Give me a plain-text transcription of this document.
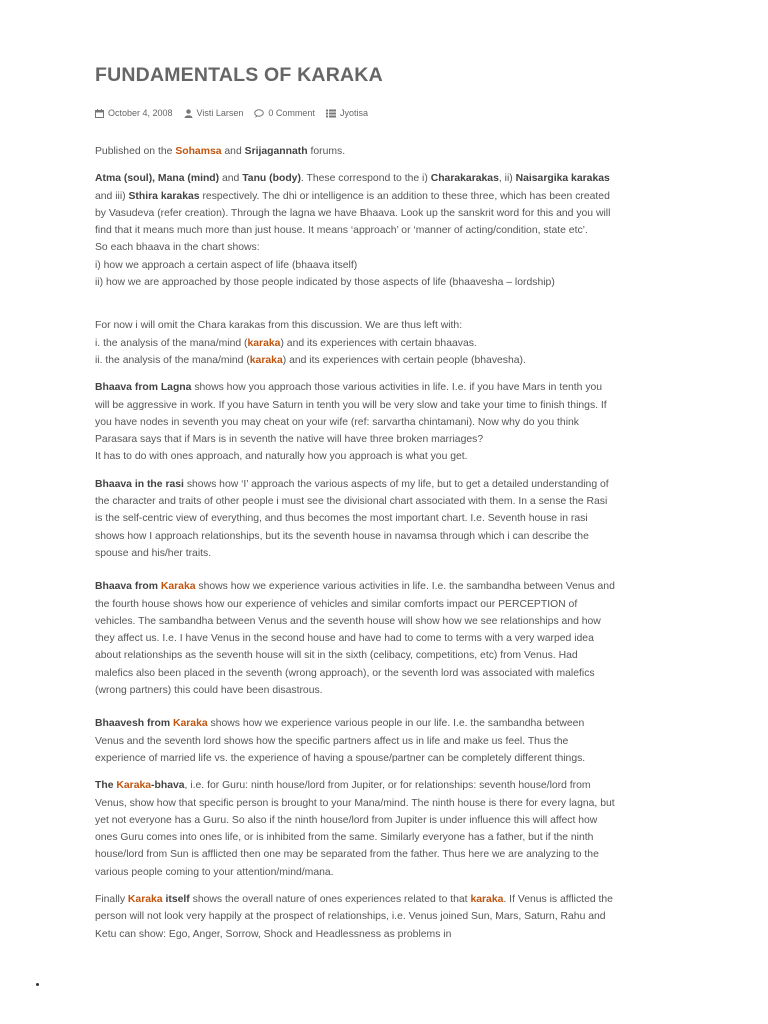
FUNDAMENTALS OF KARAKA
October 4, 2008	Visti Larsen	0 Comment	Jyotisa

Published on the Sohamsa and Srijagannath forums.

Atma (soul), Mana (mind) and Tanu (body). These correspond to the i) Charakarakas, ii) Naisargika karakas and iii) Sthira karakas respectively. The dhi or intelligence is an addition to these three, which has been created by Vasudeva (refer creation). Through the lagna we have Bhaava. Look up the sanskrit word for this and you will find that it means much more than just house. It means ‘approach’ or ‘manner of acting/condition, state etc’.
So each bhaava in the chart shows:
i) how we approach a certain aspect of life (bhaava itself)
ii) how we are approached by those people indicated by those aspects of life (bhaavesha – lordship)

For now i will omit the Chara karakas from this discussion. We are thus left with:
i. the analysis of the mana/mind (karaka) and its experiences with certain bhaavas.
ii. the analysis of the mana/mind (karaka) and its experiences with certain people (bhavesha).

Bhaava from Lagna shows how you approach those various activities in life. I.e. if you have Mars in tenth you will be aggressive in work. If you have Saturn in tenth you will be very slow and take your time to finish things. If you have nodes in seventh you may cheat on your wife (ref: sarvartha chintamani). Now why do you think Parasara says that if Mars is in seventh the native will have three broken marriages?
It has to do with ones approach, and naturally how you approach is what you get.

Bhaava in the rasi shows how ‘I’ approach the various aspects of my life, but to get a detailed understanding of the character and traits of other people i must see the divisional chart associated with them. In a sense the Rasi is the self-centric view of everything, and thus becomes the most important chart. I.e. Seventh house in rasi shows how I approach relationships, but its the seventh house in navamsa through which i can describe the spouse and his/her traits.

Bhaava from Karaka shows how we experience various activities in life. I.e. the sambandha between Venus and the fourth house shows how our experience of vehicles and similar comforts impact our PERCEPTION of vehicles. The sambandha between Venus and the seventh house will show how we see relationships and how they affect us. I.e. I have Venus in the second house and have had to come to terms with a very warped idea about relationships as the seventh house will sit in the sixth (celibacy, competitions, etc) from Venus. Had malefics also been placed in the seventh (wrong approach), or the seventh lord was associated with malefics (wrong partners) this could have been disastrous.

Bhaavesh from Karaka shows how we experience various people in our life. I.e. the sambandha between Venus and the seventh lord shows how the specific partners affect us in life and make us feel. Thus the experience of married life vs. the experience of having a spouse/partner can be completely different things.

The Karaka-bhava, i.e. for Guru: ninth house/lord from Jupiter, or for relationships: seventh house/lord from Venus, show how that specific person is brought to your Mana/mind. The ninth house is there for every lagna, but yet not everyone has a Guru. So also if the ninth house/lord from Jupiter is under influence this will affect how ones Guru comes into ones life, or is inhibited from the same. Similarly everyone has a father, but if the ninth house/lord from Sun is afflicted then one may be separated from the father. Thus here we are analyzing to the various people coming to your attention/mind/mana.

Finally Karaka itself shows the overall nature of ones experiences related to that karaka. If Venus is afflicted the person will not look very happily at the prospect of relationships, i.e. Venus joined Sun, Mars, Saturn, Rahu and Ketu can show: Ego, Anger, Sorrow, Shock and Headlessness as problems in
